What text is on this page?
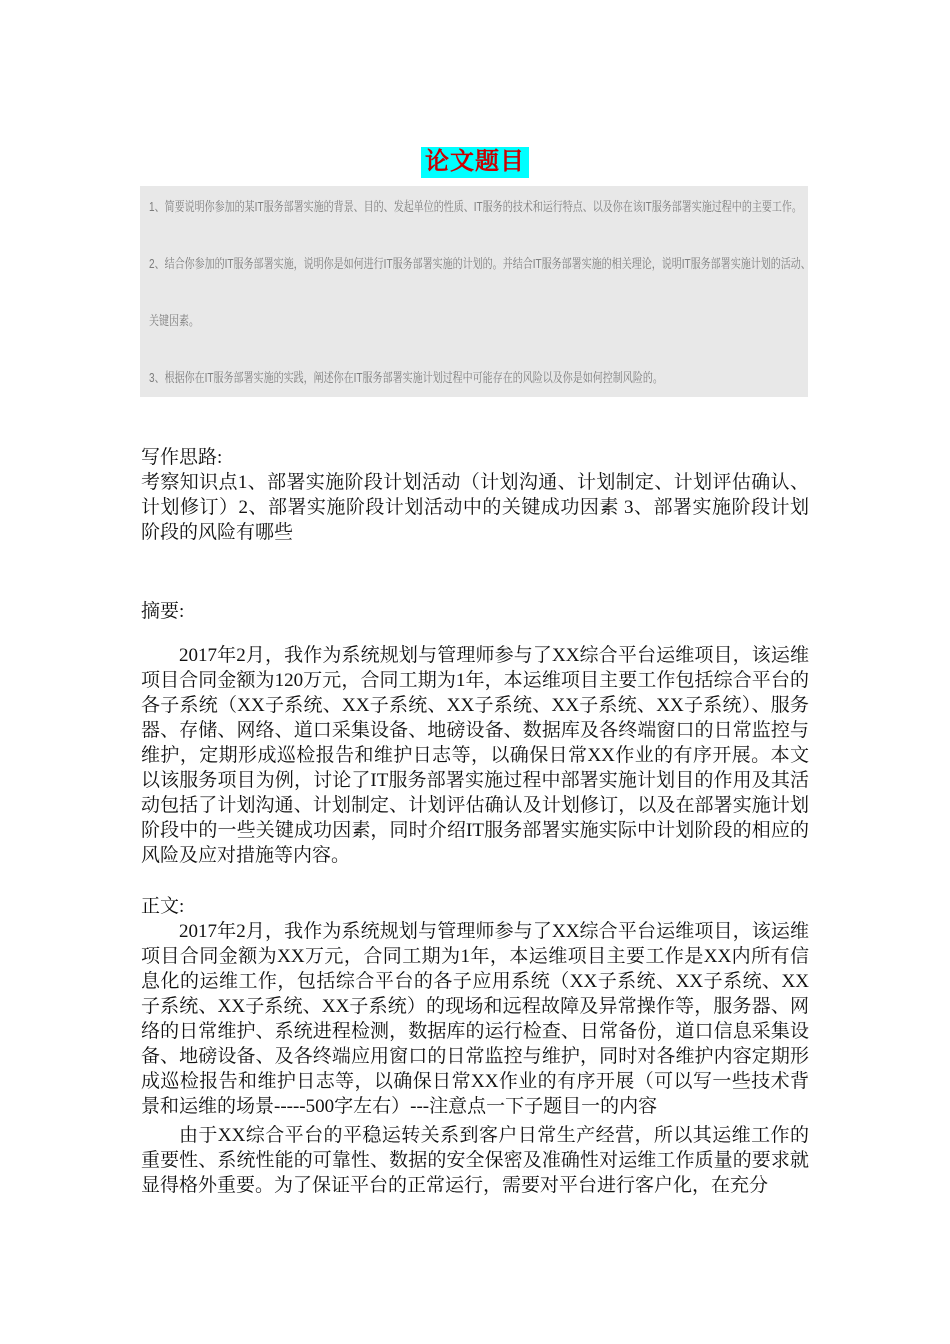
论文题目

1、简要说明你参加的某IT服务部署实施的背景、目的、发起单位的性质、IT服务的技术和运行特点、以及你在该IT服务部署实施过程中的主要工作。

2、结合你参加的IT服务部署实施，说明你是如何进行IT服务部署实施的计划的。并结合IT服务部署实施的相关理论，说明IT服务部署实施计划的活动、

关键因素。

3、根据你在IT服务部署实施的实践，阐述你在IT服务部署实施计划过程中可能存在的风险以及你是如何控制风险的。

写作思路:

考察知识点1、部署实施阶段计划活动（计划沟通、计划制定、计划评估确认、计划修订）2、部署实施阶段计划活动中的关键成功因素 3、部署实施阶段计划阶段的风险有哪些

摘要:

2017年2月，我作为系统规划与管理师参与了XX综合平台运维项目，该运维项目合同金额为120万元，合同工期为1年，本运维项目主要工作包括综合平台的各子系统（XX子系统、XX子系统、XX子系统、XX子系统、XX子系统）、服务器、存储、网络、道口采集设备、地磅设备、数据库及各终端窗口的日常监控与维护，定期形成巡检报告和维护日志等，以确保日常XX作业的有序开展。本文以该服务项目为例，讨论了IT服务部署实施过程中部署实施计划目的作用及其活动包括了计划沟通、计划制定、计划评估确认及计划修订，以及在部署实施计划阶段中的一些关键成功因素，同时介绍IT服务部署实施实际中计划阶段的相应的风险及应对措施等内容。

正文:

2017年2月，我作为系统规划与管理师参与了XX综合平台运维项目，该运维项目合同金额为XX万元，合同工期为1年，本运维项目主要工作是XX内所有信息化的运维工作，包括综合平台的各子应用系统（XX子系统、XX子系统、XX子系统、XX子系统、XX子系统）的现场和远程故障及异常操作等，服务器、网络的日常维护、系统进程检测，数据库的运行检查、日常备份，道口信息采集设备、地磅设备、及各终端应用窗口的日常监控与维护，同时对各维护内容定期形成巡检报告和维护日志等，以确保日常XX作业的有序开展（可以写一些技术背景和运维的场景-----500字左右）---注意点一下子题目一的内容

由于XX综合平台的平稳运转关系到客户日常生产经营，所以其运维工作的重要性、系统性能的可靠性、数据的安全保密及准确性对运维工作质量的要求就显得格外重要。为了保证平台的正常运行，需要对平台进行客户化，在充分
